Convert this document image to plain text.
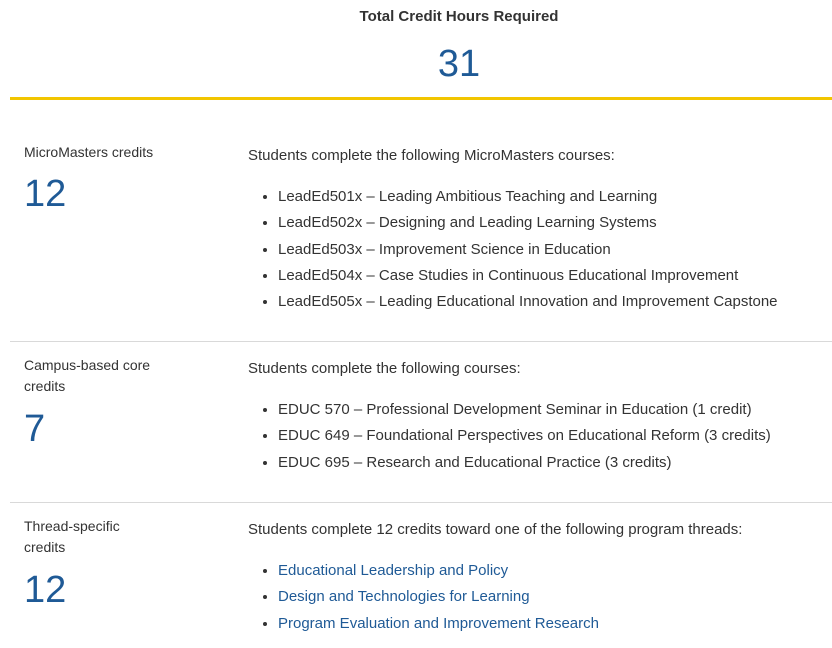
Total Credit Hours Required
31
MicroMasters credits
12
Students complete the following MicroMasters courses:
• LeadEd501x – Leading Ambitious Teaching and Learning
• LeadEd502x – Designing and Leading Learning Systems
• LeadEd503x – Improvement Science in Education
• LeadEd504x – Case Studies in Continuous Educational Improvement
• LeadEd505x – Leading Educational Innovation and Improvement Capstone
Campus-based core credits
7
Students complete the following courses:
• EDUC 570 – Professional Development Seminar in Education (1 credit)
• EDUC 649 – Foundational Perspectives on Educational Reform (3 credits)
• EDUC 695 – Research and Educational Practice (3 credits)
Thread-specific credits
12
Students complete 12 credits toward one of the following program threads:
• Educational Leadership and Policy
• Design and Technologies for Learning
• Program Evaluation and Improvement Research
